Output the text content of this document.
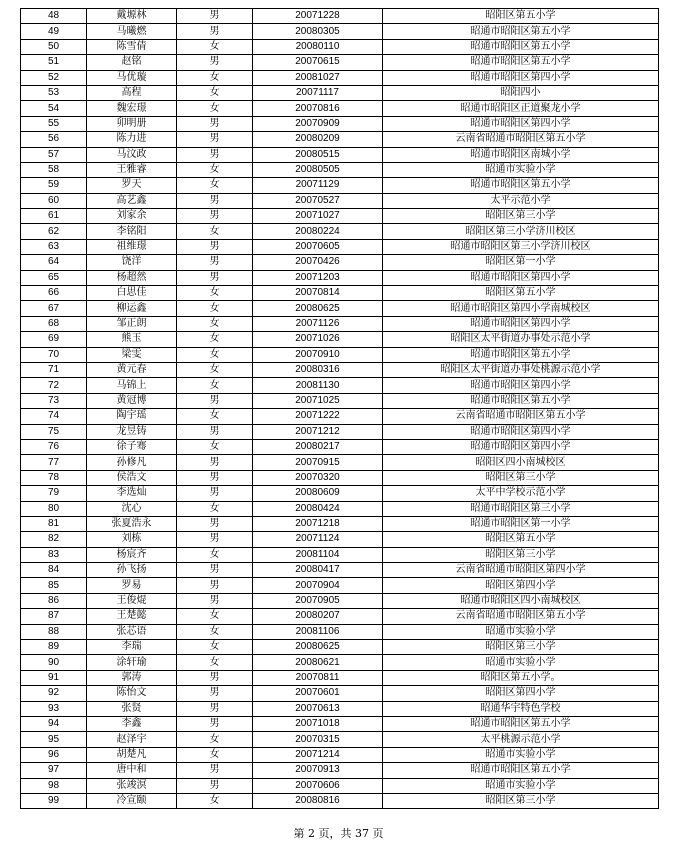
48	戴塬林	男	20071228	昭阳区第五小学
49	马曦燃	男	20080305	昭通市昭阳区第五小学
50	陈雪倩	女	20080110	昭通市昭阳区第五小学
51	赵铭	男	20070615	昭通市昭阳区第五小学
52	马优璇	女	20081027	昭通市昭阳区第四小学
53	高程	女	20071117	昭阳四小
54	魏宏璟	女	20070816	昭通市昭阳区正道聚龙小学
55	卯明册	男	20070909	昭通市昭阳区第四小学
56	陈力进	男	20080209	云南省昭通市昭阳区第五小学
57	马汶政	男	20080515	昭通市昭阳区南城小学
58	王雅睿	女	20080505	昭通市实验小学
59	罗天	女	20071129	昭通市昭阳区第五小学
60	高艺鑫	男	20070527	太平示范小学
61	刘家余	男	20071027	昭阳区第三小学
62	李铭阳	女	20080224	昭阳区第三小学济川校区
63	祖维璟	男	20070605	昭通市昭阳区第三小学济川校区
64	饶洋	男	20070426	昭阳区第一小学
65	杨超然	男	20071203	昭通市昭阳区第四小学
66	白思佳	女	20070814	昭阳区第五小学
67	柳运鑫	女	20080625	昭通市昭阳区第四小学南城校区
68	邹正朗	女	20071126	昭通市昭阳区第四小学
69	熊玉	女	20071026	昭阳区太平街道办事处示范小学
70	梁雯	女	20070910	昭通市昭阳区第五小学
71	黄元春	女	20080316	昭阳区太平街道办事处桃源示范小学
72	马锦上	女	20081130	昭通市昭阳区第四小学
73	黄冠博	男	20071025	昭通市昭阳区第五小学
74	陶宇瑶	女	20071222	云南省昭通市昭阳区第五小学
75	龙昱铸	男	20071212	昭通市昭阳区第四小学
76	徐子骞	女	20080217	昭通市昭阳区第四小学
77	孙修凡	男	20070915	昭阳区四小南城校区
78	侯浩文	男	20070320	昭阳区第三小学
79	李选灿	男	20080609	太平中学校示范小学
80	沈心	女	20080424	昭通市昭阳区第三小学
81	张夏浩永	男	20071218	昭通市昭阳区第一小学
82	刘栋	男	20071124	昭阳区第五小学
83	杨宸齐	女	20081104	昭阳区第三小学
84	孙飞扬	男	20080417	云南省昭通市昭阳区第四小学
85	罗易	男	20070904	昭阳区第四小学
86	王俊焜	男	20070905	昭通市昭阳区四小南城校区
87	王楚懿	女	20080207	云南省昭通市昭阳区第五小学
88	张芯语	女	20081106	昭通市实验小学
89	李瑞	女	20080625	昭阳区第三小学
90	涂轩瑜	女	20080621	昭通市实验小学
91	郭涛	男	20070811	昭阳区第五小学。
92	陈怡文	男	20070601	昭阳区第四小学
93	张贤	男	20070613	昭通华宇特色学校
94	李鑫	男	20071018	昭通市昭阳区第五小学
95	赵泽宇	女	20070315	太平桃源示范小学
96	胡楚凡	女	20071214	昭通市实验小学
97	唐中和	男	20070913	昭通市昭阳区第五小学
98	张竣溟	男	20070606	昭通市实验小学
99	冷宣颐	女	20080816	昭阳区第三小学
第 2 页，共 37 页
